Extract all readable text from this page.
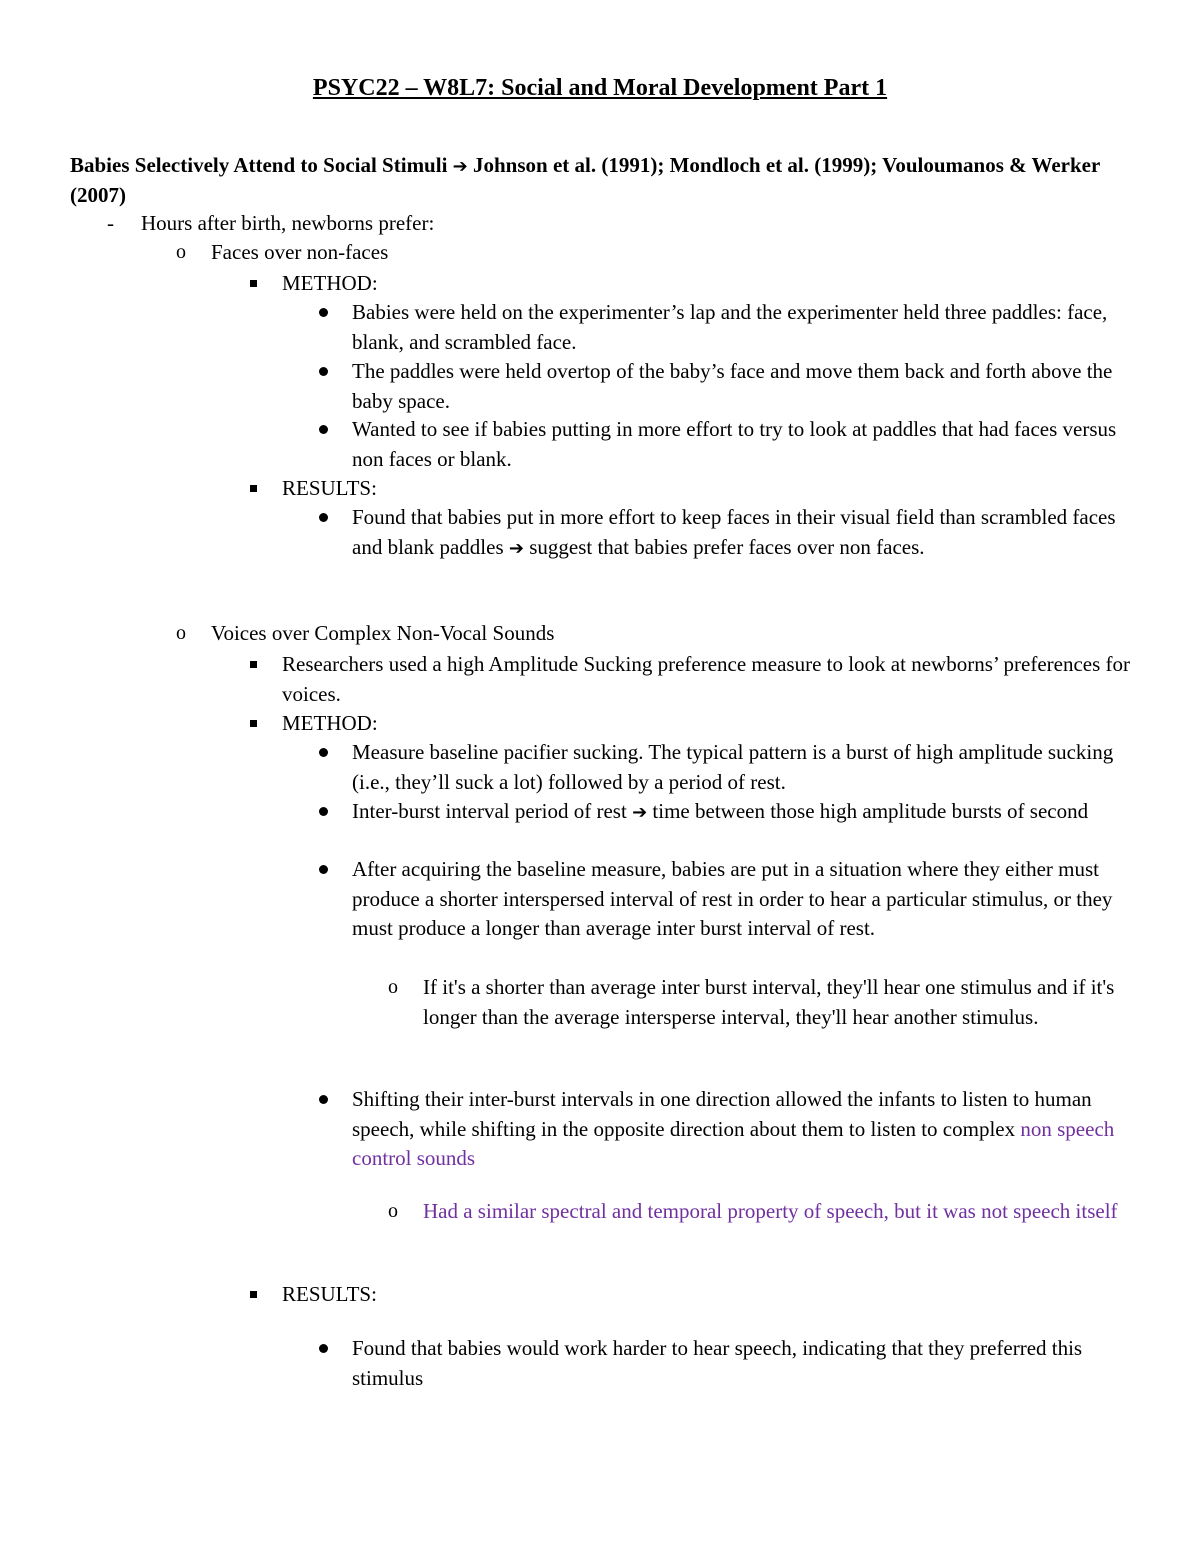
PSYC22 – W8L7: Social and Moral Development Part 1
Babies Selectively Attend to Social Stimuli ➔ Johnson et al. (1991); Mondloch et al. (1999); Vouloumanos & Werker (2007)
- Hours after birth, newborns prefer:
o Faces over non-faces
METHOD:
Babies were held on the experimenter’s lap and the experimenter held three paddles: face, blank, and scrambled face.
The paddles were held overtop of the baby’s face and move them back and forth above the baby space.
Wanted to see if babies putting in more effort to try to look at paddles that had faces versus non faces or blank.
RESULTS:
Found that babies put in more effort to keep faces in their visual field than scrambled faces and blank paddles ➔ suggest that babies prefer faces over non faces.
o Voices over Complex Non-Vocal Sounds
Researchers used a high Amplitude Sucking preference measure to look at newborns’ preferences for voices.
METHOD:
Measure baseline pacifier sucking. The typical pattern is a burst of high amplitude sucking (i.e., they’ll suck a lot) followed by a period of rest.
Inter-burst interval period of rest ➔ time between those high amplitude bursts of second
After acquiring the baseline measure, babies are put in a situation where they either must produce a shorter interspersed interval of rest in order to hear a particular stimulus, or they must produce a longer than average inter burst interval of rest.
o If it's a shorter than average inter burst interval, they'll hear one stimulus and if it's longer than the average intersperse interval, they'll hear another stimulus.
Shifting their inter-burst intervals in one direction allowed the infants to listen to human speech, while shifting in the opposite direction about them to listen to complex non speech control sounds
o Had a similar spectral and temporal property of speech, but it was not speech itself
RESULTS:
Found that babies would work harder to hear speech, indicating that they preferred this stimulus
